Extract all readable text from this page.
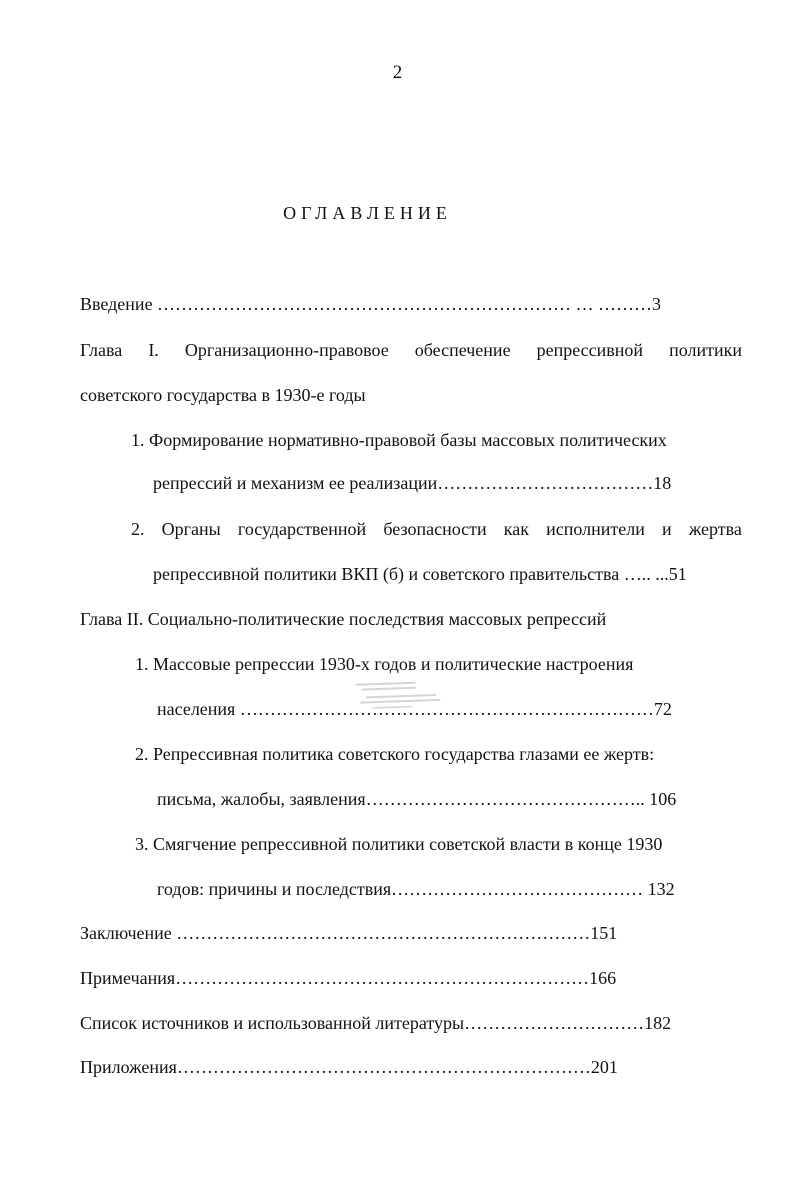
2
ОГЛАВЛЕНИЕ
Введение …………………………………………………………… … ………3
Глава I. Организационно-правовое обеспечение репрессивной политики
советского государства в 1930-е годы
1. Формирование нормативно-правовой базы массовых политических
репрессий и механизм ее реализации………………………………18
2. Органы государственной безопасности как исполнители и жертва
репрессивной политики ВКП (б) и советского правительства ….. ...51
Глава II. Социально-политические последствия массовых репрессий
1. Массовые репрессии 1930-х годов и политические настроения
населения ……………………………………………………………72
2. Репрессивная политика советского государства глазами ее жертв:
письма, жалобы, заявления……………………………………….. 106
3. Смягчение репрессивной политики советской власти в конце 1930
годов: причины и последствия…………………………………… 132
Заключение ……………………………………………………………151
Примечания……………………………………………………………166
Список источников и использованной литературы…………………………182
Приложения……………………………………………………………201
